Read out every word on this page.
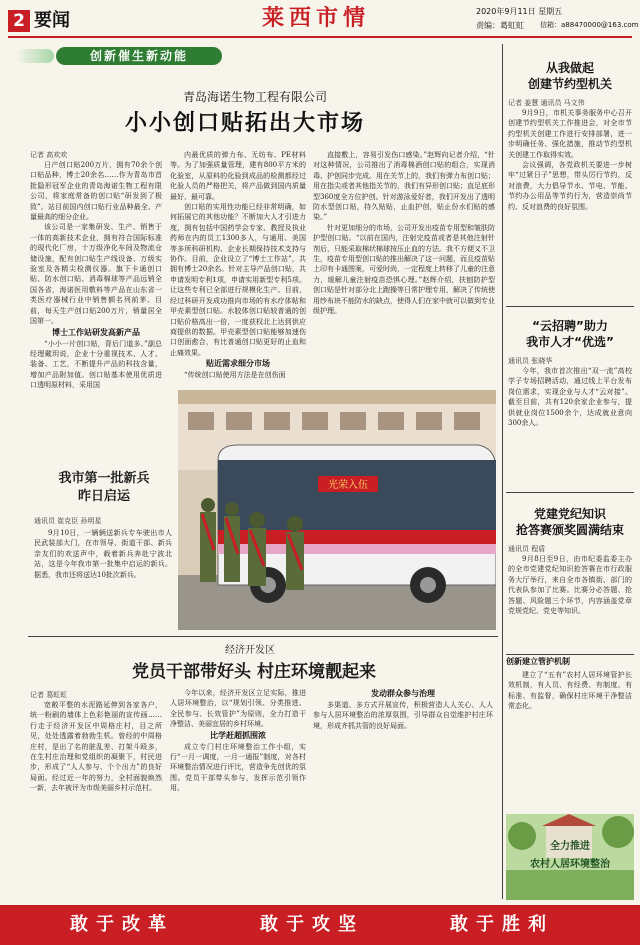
2 要闻	莱西市情	2020年9月11日 星期五
责编：葛虹虹 信箱：a88470000@163.com
创新催生新动能
青岛海诺生物工程有限公司
小小创口贴拓出大市场
记者 高欢欢

日产创口贴200万片，拥有70余个创口贴品种，博士20余名……作为青岛市首批隐形冠军企业的青岛海诺生物工程有限公司，将家庭常备的创口贴“研发到了极致”。站目前国内创口贴行业品种最全、产量最高的细分企业。

该公司是一家集研发、生产、销售于一体的高新技术企业，拥有符合国际标准的现代化厂房，十万级净化车间及物流仓储设施，配有创口贴生产线设备、万级实验室及各精尖检测仪器。旗下卡通创口贴、防水创口贴、消毒棉球等产品远销全国各省，海诺医用敷料等产品在山东省一类医疗器械行业中销售额名列前茅。目前，每天生产创口贴200万片，销量居全国第一。

博士工作站研发高新产品

“小小一片创口贴，背后门道多。”副总经理戴玥说，企业十分重视技术、人才、装备、工艺，不断提升产品的科技含量，增加产品附加值。创口贴基本使用优质进口透明原材料，采用国

内最优质的弹力布、无纺布、PE材料等。为了加强质量管理，建有800平方米的化验室，从原料的化验到成品的检测都经过化验人员的严格把关，将产品做到国内质量最好、最可靠。

创口贴的实用性功能已经非常明确，如何拓展它的其他功能？不断加大人才引进力度，拥有包括中国药学会专家、教授及执业药师在内的员工1300多人，与通用、美国等多所科研机构、企业长期保持技术支持与协作。目前，企业设立了“博士工作站”，共拥有博士20余名。针对主导产品创口贴，共申请发明专利1项，申请实用新型专利5项。让这些专利已全部进行规模化生产。目前，经过科研开发成功推向市场的有水疗体帖和甲壳素型创口贴。水胶体创口贴较普通的创口贴价格高出一倍，一度获权北上达到供应商提供的数据。甲壳素型创口贴能够加速伤口创面愈合，有比普通创口贴更好的止血和止痛效果。

贴近需求细分市场

“传统创口贴使用方法是在创伤面

直接敷上，容易引发伤口感染。”赵辉向记者介绍，“针对这种情况，公司推出了消毒棉酒创口贴的组合，实现消毒、护创同步完成。用在关节上的，我们有弹力布创口贴；用在指尖或者其他指关节的，我们有异形创口贴；直足底形型360度全方位护创。针对游泳爱好者，我们开发出了透明防水型创口贴，持久贴贴，止血护创，贴止份水们贴的感染。”

针对更加细分的市场，公司开发出疫苗专用型和皱肤防护型创口贴。“以前在国内，注射完疫苗或者是其他注射针剂后，只能采取棉状棉球按压止血的方法。我不方便又不卫生，疫苗专用型创口贴的推出解决了这一问题，而且疫苗贴上印有卡通图案，可爱时尚，一定程度上转移了儿童的注意力，缓解儿童注射疫苗恐惧心理。”赵辉介绍，扶刨防护型创口贴是针对部分北上跑操等日常护理专用，解决了传统使用纱布块不能防水的缺点，使得人们在家中就可以做到专业级护理。

光荣入伍
我市第一批新兵
昨日启运
通讯员 崔克臣 孙明星

9月10日，一辆辆送新兵专车驶出市人民武装部大门，在市领导、街道干部、新兵亲友们的欢送声中，载着新兵奔赴宁波北站，这是今年我市第一批集中启运的新兵。据悉，我市还将送达10批次新兵。

经济开发区
党员干部带好头 村庄环境靓起来
记者 葛虹虹

宽敞平整的水泥路延伸到各家各户，统一粉刷的墙体上色彩艳丽的宣传画……行走于经济开发区中周格庄村，目之所见，处处透露着勃勃生机。曾经的中周格庄村，是出了名的脏乱差、打架斗殴多，在生村庄治理和党组织的凝聚下，村民进步，形成了“人人参与、个个出力”的良好局面。经过近一年的努力，全村面貌焕然一新，去年被评为市级美丽乡村示范村。

今年以来，经济开发区立足实际，推进人居环境整治，以“规划引领、分类推进、全民参与、长效管护”为原则，全力打造干净整洁、美丽宜居的乡村环境。

比学赶超抓围浓

成立专门村庄环境整治工作小组，实行“一月一调度，一月一通报”制度，对各村环境整治情况进行评比，营造争先创优的氛围。党员干部带头参与，发挥示范引领作用。

发动群众参与治理

多渠道、多方式开展宣传，积极营造人人关心、人人参与人居环境整治的浓厚氛围，引导群众自觉维护村庄环境，形成齐抓共管的良好局面。

从我做起
创建节约型机关
记者 姜慧 通讯员 马文伟

9月9日，市机关事务服务中心召开创建节约型机关工作推进会，对全市节约型机关创建工作进行安排部署，进一步明确任务、强化措施，推动节约型机关创建工作取得实效。

会议强调，各党政机关要进一步树牢“过紧日子”思想，带头厉行节约，反对浪费，大力倡导节水、节电、节能、节约办公用品等节约行为，营造崇尚节约、反对浪费的良好氛围。

“云招聘”助力
我市人才“优选”
通讯员 张晓华

今年，我市首次推出“双一流”高校学子专场招聘活动，通过线上平台发布岗位需求，实现企业与人才“云对接”。截至目前，共有120余家企业参与，提供就业岗位1500余个，达成就业意向300余人。

党建党纪知识
抢答赛颁奖圆满结束
通讯员 程盾

9月8日至9日，由市纪委监委主办的全市党建党纪知识抢答赛在市行政服务大厅举行，来自全市各镇街、部门的代表队参加了比赛。比赛分必答题、抢答题、风险题三个环节，内容涵盖党章党规党纪、党史等知识。

创新建立管护机制

建立了“五有”农村人居环境管护长效机制，有人员、有经费、有制度、有标准、有监督，确保村庄环境干净整洁常态化。

全力推进
农村人居环境整治
敢于改革	敢于攻坚	敢于胜利
